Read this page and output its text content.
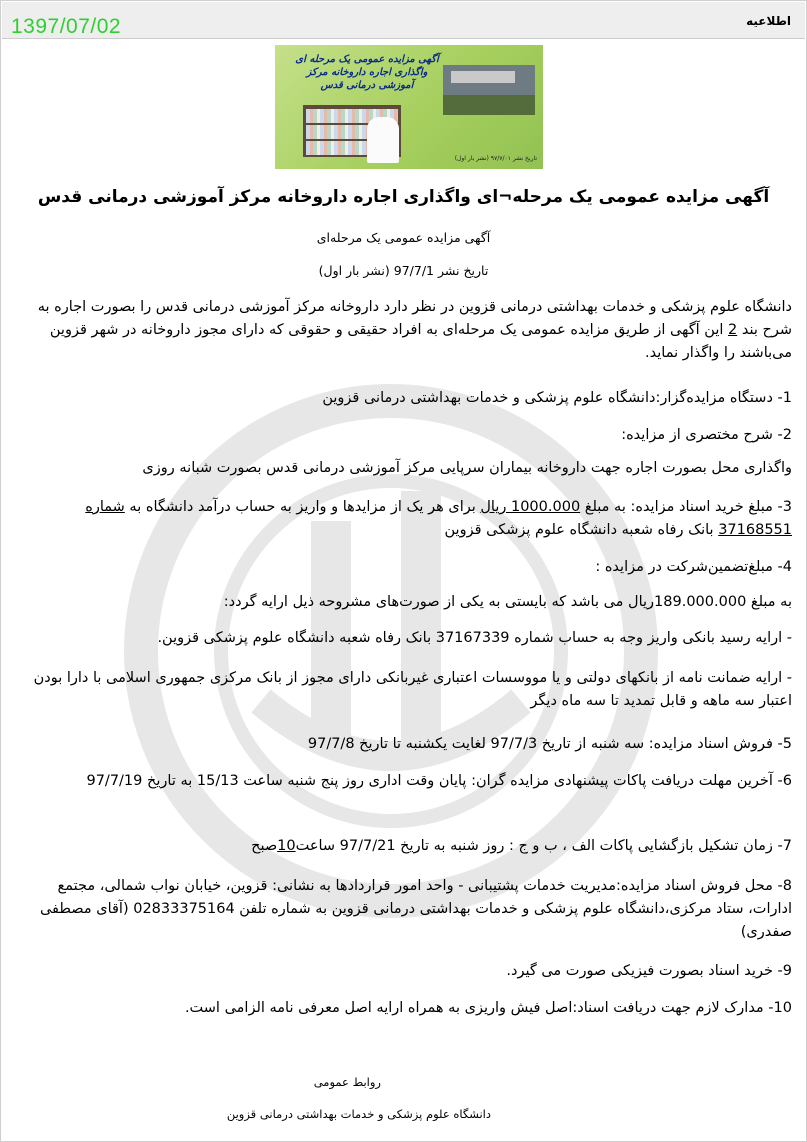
اطلاعیه
1397/07/02
آگهی مزایده عمومی یک مرحله ای
واگذاری اجاره داروخانه مرکز
آموزشی درمانی قدس
تاریخ نشر ۹۷/۷/۰۱ (نشر بار اول)
آگهی مزایده عمومی یک مرحله¬ای واگذاری اجاره داروخانه مرکز آموزشی درمانی قدس
آگهی مزایده عمومی یک مرحله‌ای
تاریخ نشر 97/7/1 (نشر بار اول)
دانشگاه علوم پزشکی و خدمات بهداشتی درمانی قزوین در نظر دارد داروخانه مرکز آموزشی درمانی قدس را بصورت اجاره به شرح بند 2 این آگهی از طریق مزایده عمومی یک مرحله‌ای به افراد حقیقی و حقوقی که دارای مجوز داروخانه در شهر قزوین می‌باشند را واگذار نماید.
1- دستگاه مزایده‌گزار:دانشگاه علوم پزشکی و خدمات بهداشتی درمانی قزوین
2- شرح مختصری از مزایده:
واگذاری محل بصورت اجاره جهت داروخانه بیماران سرپایی مرکز آموزشی درمانی قدس بصورت شبانه روزی
3- مبلغ خرید اسناد مزایده: به مبلغ 1000.000 ریال برای هر یک از مزایدها و واریز به حساب درآمد دانشگاه به شماره 37168551 بانک رفاه شعبه دانشگاه علوم پزشکی قزوین
4- مبلغ‌تضمین‌شرکت در مزایده :
به مبلغ 189.000.000ریال می باشد که بایستی به یکی از صورت‌های مشروحه ذیل ارایه گردد:
- ارایه رسید بانکی واریز وجه به حساب شماره 37167339 بانک رفاه شعبه دانشگاه علوم پزشکی قزوین.
- ارایه ضمانت نامه از بانکهای دولتی و یا مووسسات اعتباری غیربانکی دارای مجوز از بانک مرکزی جمهوری اسلامی با دارا بودن اعتبار سه ماهه و قابل تمدید تا سه ماه دیگر
5- فروش اسناد مزایده: سه شنبه از تاریخ 97/7/3 لغایت یکشنبه تا تاریخ 97/7/8
6- آخرین مهلت دریافت پاکات پیشنهادی مزایده گران: پایان وقت اداری روز پنج شنبه ساعت 15/13 به تاریخ 97/7/19
7- زمان تشکیل بازگشایی پاکات الف ، ب و ج : روز شنبه به تاریخ 97/7/21 ساعت10صبح
8- محل فروش اسناد مزایده:مدیریت خدمات پشتیبانی - واحد امور قراردادها به نشانی: قزوین، خیابان نواب شمالی، مجتمع ادارات، ستاد مرکزی،دانشگاه علوم پزشکی و خدمات بهداشتی درمانی قزوین به شماره تلفن 02833375164 (آقای مصطفی صفدری)
9- خرید اسناد بصورت فیزیکی صورت می گیرد.
10- مدارک لازم جهت دریافت اسناد:اصل فیش واریزی به همراه ارایه اصل معرفی نامه الزامی است.
روابط عمومی
دانشگاه علوم پزشکی و خدمات بهداشتی درمانی قزوین
